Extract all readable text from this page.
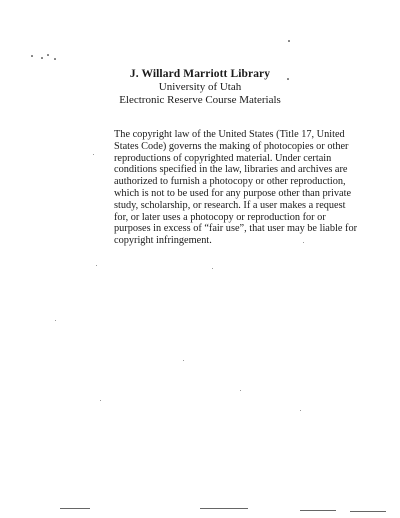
J. Willard Marriott Library
University of Utah
Electronic Reserve Course Materials
The copyright law of the United States (Title 17, United
States Code) governs the making of photocopies or other
reproductions of copyrighted material. Under certain
conditions specified in the law, libraries and archives are
authorized to furnish a photocopy or other reproduction,
which is not to be used for any purpose other than private
study, scholarship, or research. If a user makes a request
for, or later uses a photocopy or reproduction for or
purposes in excess of “fair use”, that user may be liable for
copyright infringement.
